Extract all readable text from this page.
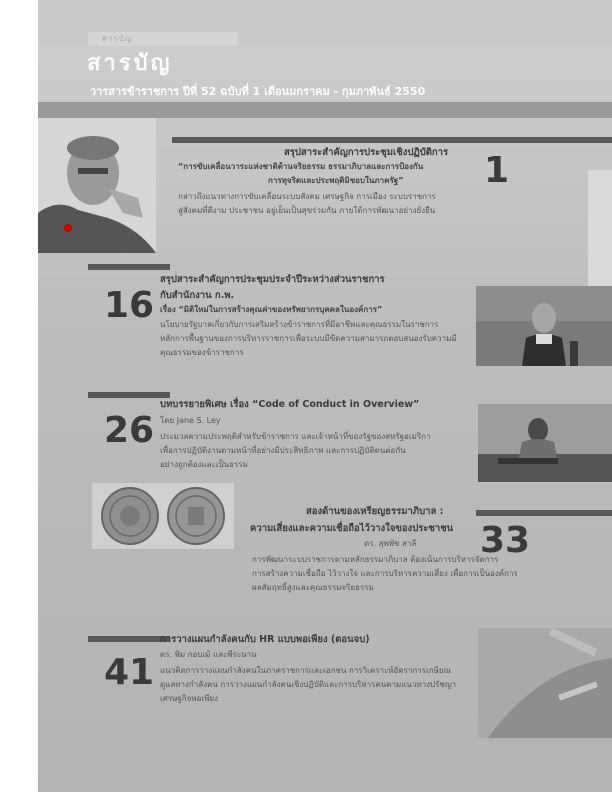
สารบัญ
สารบัญ
วารสารข้าราชการ ปีที่ 52 ฉบับที่ 1 เดือนมกราคม - กุมภาพันธ์ 2550
สรุปสาระสำคัญการประชุมเชิงปฏิบัติการ
“การขับเคลื่อนวาระแห่งชาติด้านจริยธรรม ธรรมาภิบาลและการป้องกัน
การทุจริตและประพฤติมิชอบในภาครัฐ”
กล่าวถึงแนวทางการขับเคลื่อนระบบสังคม เศรษฐกิจ การเมือง ระบบราชการ
สู่สังคมที่ดีงาม ประชาชน อยู่เย็นเป็นสุขร่วมกัน ภายใต้การพัฒนาอย่างยั่งยืน
1
สรุปสาระสำคัญการประชุมประจำปีระหว่างส่วนราชการ
กับสำนักงาน ก.พ.
16 เรื่อง “มิติใหม่ในการสร้างคุณค่าของทรัพยากรบุคคลในองค์การ”
นโยบายรัฐบาลเกี่ยวกับการเสริมสร้างข้าราชการที่มีอาชีพและคุณธรรมในราชการ
หลักการพื้นฐานของการบริหารราชการเพื่อระบบมีขีดความสามารถตอบสนองรับความมี
คุณธรรมของข้าราชการ
บทบรรยายพิเศษ เรื่อง “Code of Conduct in Overview”
26 โดย Jane S. Ley
ประมวลความประพฤติสำหรับข้าราชการ และเจ้าหน้าที่ของรัฐของสหรัฐอเมริกา
เพื่อการปฏิบัติงานตามหน้าที่อย่างมีประสิทธิภาพ และการปฏิบัติตนต่อกัน
อย่างถูกต้องและเป็นธรรม
สองด้านของเหรียญธรรมาภิบาล :
ความเสี่ยงและความเชื่อถือไว้วางใจของประชาชน 33
ดร. สุพพัช สาลี
การพัฒนาระบบราชการตามหลักธรรมาภิบาล ต้องเน้นการบริหารจัดการ
การสร้างความเชื่อถือ ไว้วางใจ และการบริหารความเสี่ยง เพื่อการเป็นองค์การ
ผลสัมฤทธิ์สูงและคุณธรรมจริยธรรม
การวางแผนกำลังคนกับ HR แบบพอเพียง (ตอนจบ)
41 ดร. พิม กอบเม้ และพีระนาน
แนวคิดการวางแผนกำลังคนในภาคราชการและเอกชน การวิเคราะห์อัตราการเกษียณ
ดูแลทางกำลังคน การวางแผนกำลังคนเชิงปฏิบัติและการบริหารคนตามแนวทางปรัชญา
เศรษฐกิจพอเพียง
